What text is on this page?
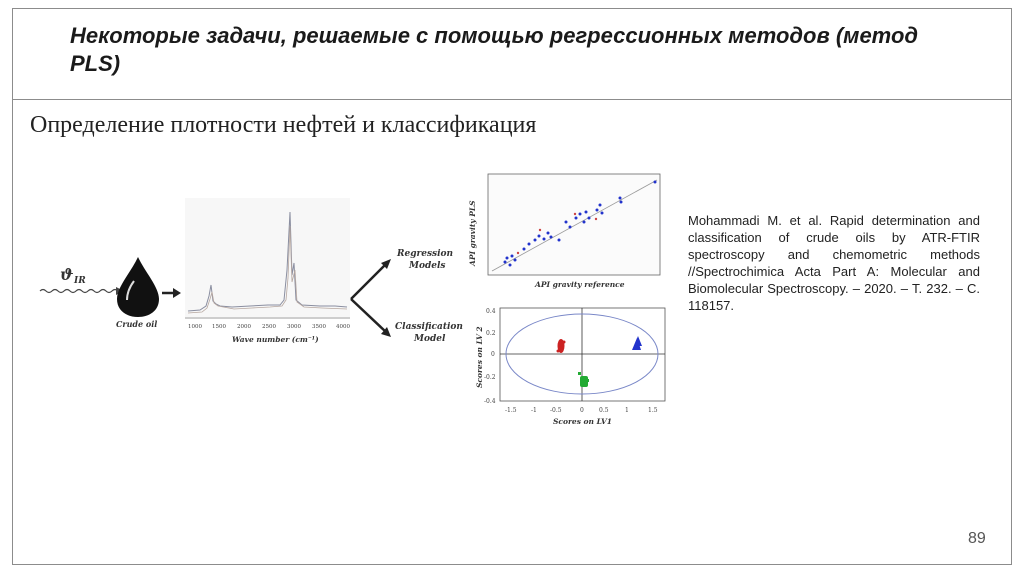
Некоторые задачи, решаемые с помощью регрессионных методов (метод PLS)
Определение плотности нефтей и классификация
ϑ IR
Crude oil	1000 1500 2000 2500 3000 3500 4000
Wave number (cm⁻¹)
Regression
Models
Classification
Model
API gravity reference
API gravity PLS
0.4
0.2
0
-0.2
-0.4
-1.5 -1 -0.5	0	0.5	1	1.5
Scores on LV1
Scores on LV 2

Mohammadi M. et al. Rapid determination and classification of crude oils by ATR-FTIR spectroscopy and chemometric methods //Spectrochimica Acta Part A: Molecular and Biomolecular Spectroscopy. – 2020. – Т. 232. – С. 118157.

89
